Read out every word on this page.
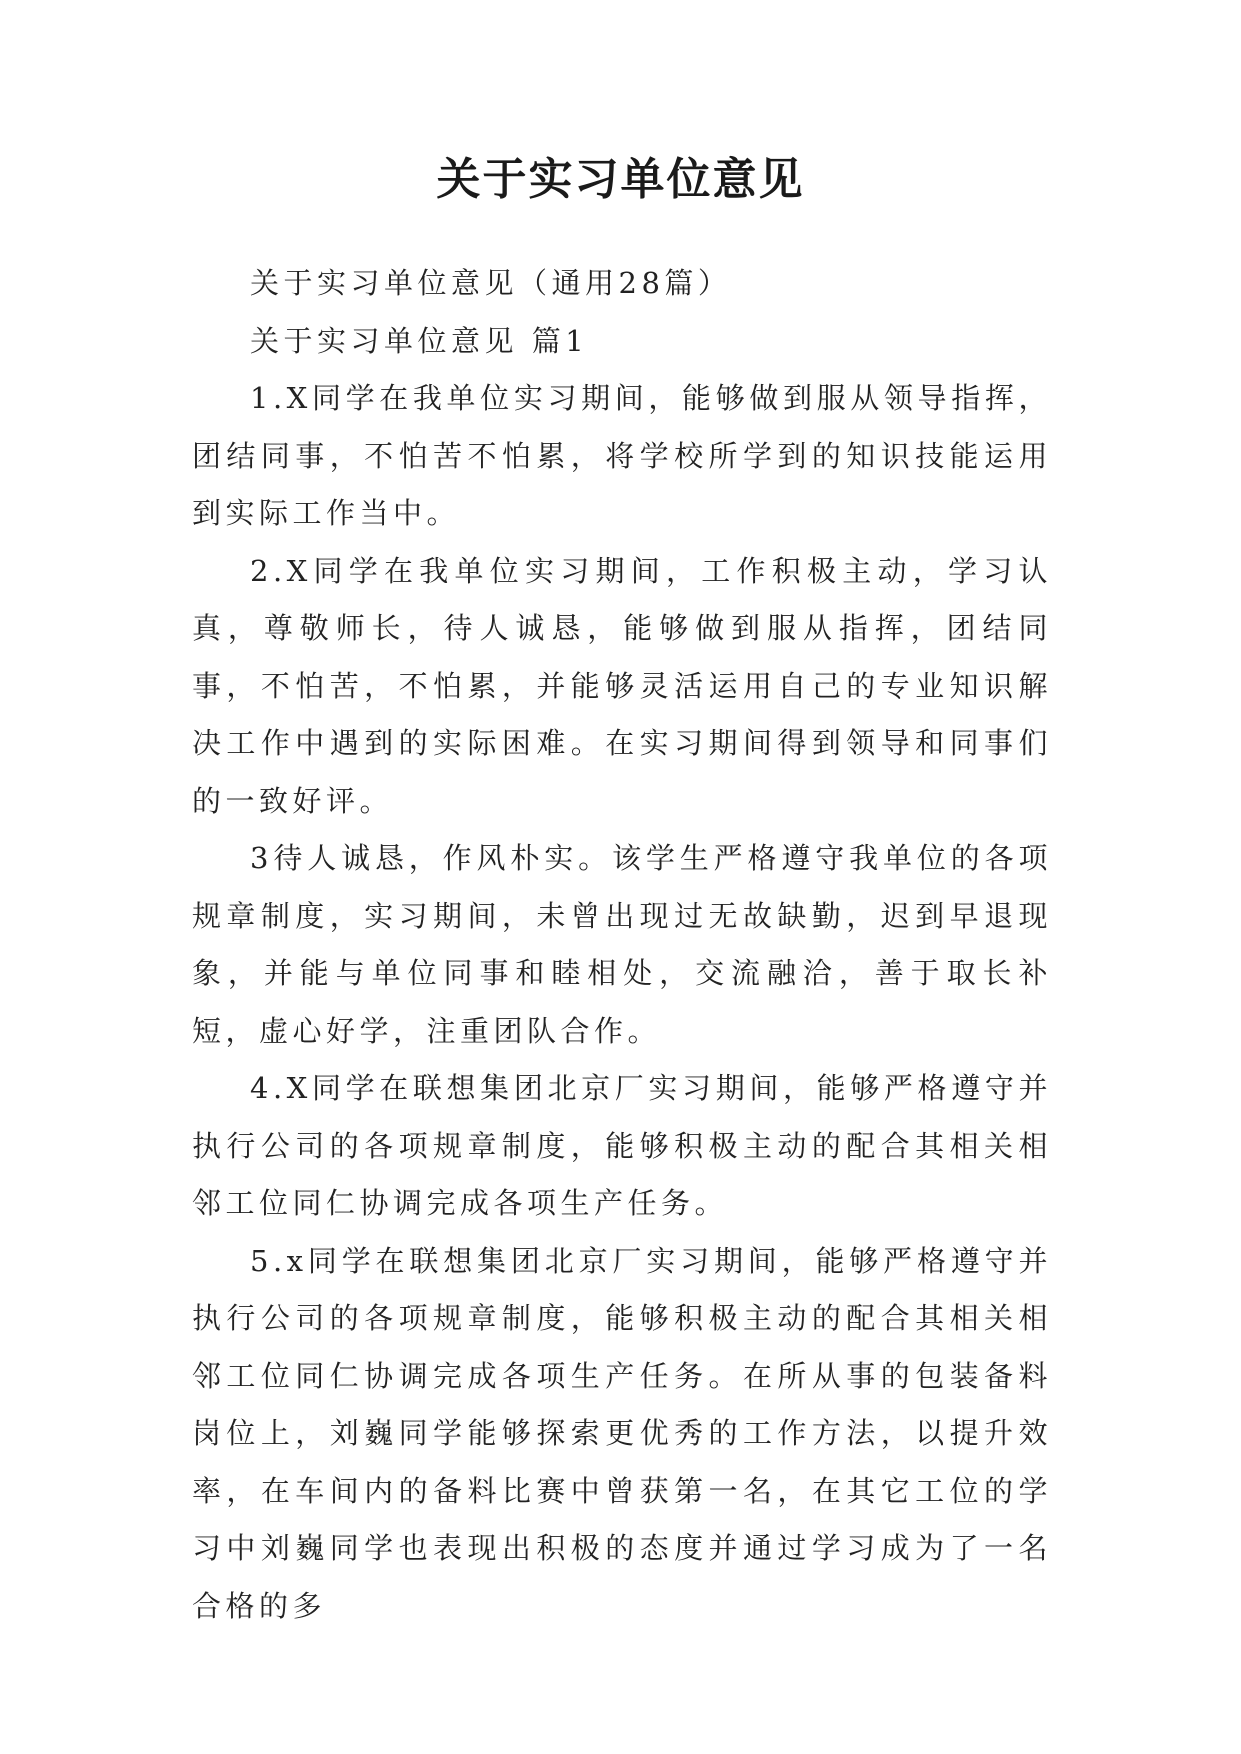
关于实习单位意见

关于实习单位意见（通用28篇）

关于实习单位意见 篇1

1.X同学在我单位实习期间，能够做到服从领导指挥，团结同事，不怕苦不怕累，将学校所学到的知识技能运用到实际工作当中。

2.X同学在我单位实习期间，工作积极主动，学习认真，尊敬师长，待人诚恳，能够做到服从指挥，团结同事，不怕苦，不怕累，并能够灵活运用自己的专业知识解决工作中遇到的实际困难。在实习期间得到领导和同事们的一致好评。

3待人诚恳，作风朴实。该学生严格遵守我单位的各项规章制度，实习期间，未曾出现过无故缺勤，迟到早退现象，并能与单位同事和睦相处，交流融洽，善于取长补短，虚心好学，注重团队合作。

4.X同学在联想集团北京厂实习期间，能够严格遵守并执行公司的各项规章制度，能够积极主动的配合其相关相邻工位同仁协调完成各项生产任务。

5.x同学在联想集团北京厂实习期间，能够严格遵守并执行公司的各项规章制度，能够积极主动的配合其相关相邻工位同仁协调完成各项生产任务。在所从事的包装备料岗位上，刘巍同学能够探索更优秀的工作方法，以提升效率，在车间内的备料比赛中曾获第一名，在其它工位的学习中刘巍同学也表现出积极的态度并通过学习成为了一名合格的多
